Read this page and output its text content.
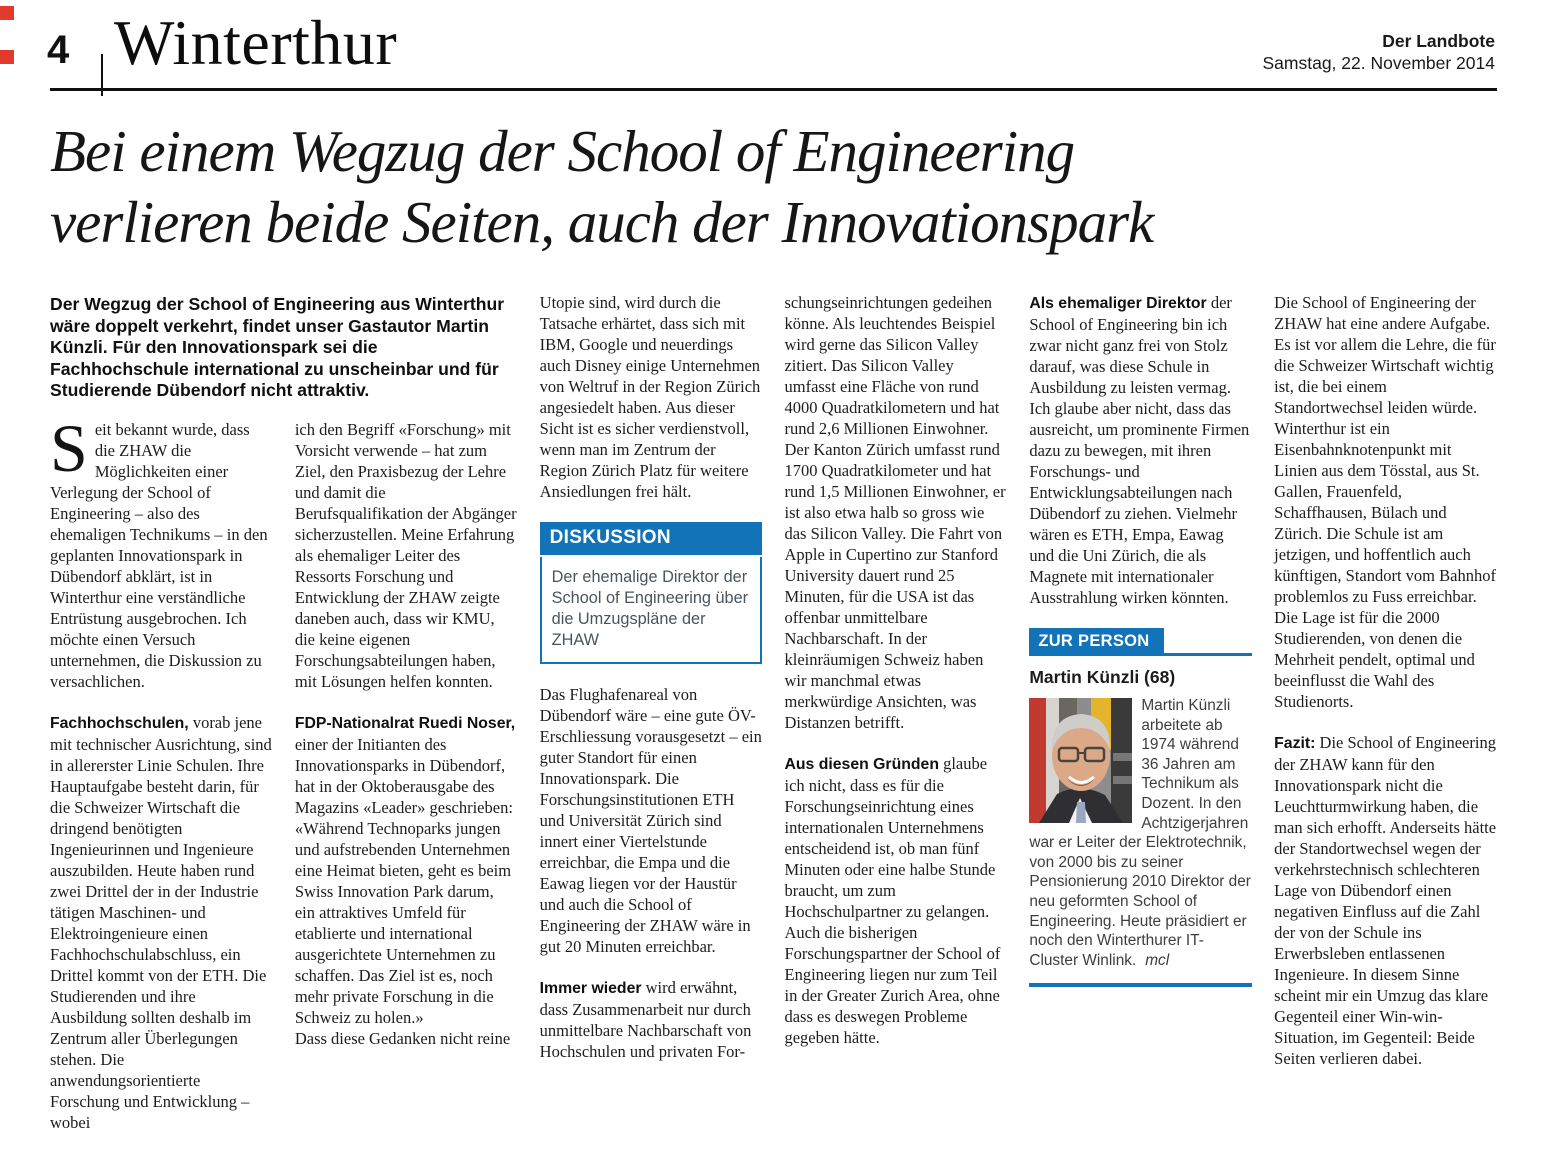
4 Winterthur	Der Landbote
Samstag, 22. November 2014
Bei einem Wegzug der School of Engineering
verlieren beide Seiten, auch der Innovationspark

Der Wegzug der School of Engineering aus Winterthur wäre doppelt verkehrt, findet unser Gastautor Martin Künzli. Für den Innovationspark sei die Fachhochschule international zu unscheinbar und für Studierende Dübendorf nicht attraktiv.

Seit bekannt wurde, dass die ZHAW die Möglichkeiten einer Verlegung der School of Engineering – also des ehemaligen Technikums – in den geplanten Innovationspark in Dübendorf abklärt, ist in Winterthur eine verständliche Entrüstung ausgebrochen. Ich möchte einen Versuch unternehmen, die Diskussion zu versachlichen.

Fachhochschulen, vorab jene mit technischer Ausrichtung, sind in allererster Linie Schulen. Ihre Hauptaufgabe besteht darin, für die Schweizer Wirtschaft die dringend benötigten Ingenieurinnen und Ingenieure auszubilden. Heute haben rund zwei Drittel der in der Industrie tätigen Maschinen- und Elektroingenieure einen Fachhochschulabschluss, ein Drittel kommt von der ETH. Die Studierenden und ihre Ausbildung sollten deshalb im Zentrum aller Überlegungen stehen. Die anwendungsorientierte Forschung und Entwicklung – wobei

ich den Begriff «Forschung» mit Vorsicht verwende – hat zum Ziel, den Praxisbezug der Lehre und damit die Berufsqualifikation der Abgänger sicherzustellen. Meine Erfahrung als ehemaliger Leiter des Ressorts Forschung und Entwicklung der ZHAW zeigte daneben auch, dass wir KMU, die keine eigenen Forschungsabteilungen haben, mit Lösungen helfen konnten.

FDP-Nationalrat Ruedi Noser, einer der Initianten des Innovationsparks in Dübendorf, hat in der Oktoberausgabe des Magazins «Leader» geschrieben: «Während Technoparks jungen und aufstrebenden Unternehmen eine Heimat bieten, geht es beim Swiss Innovation Park darum, ein attraktives Umfeld für etablierte und international ausgerichtete Unternehmen zu schaffen. Das Ziel ist es, noch mehr private Forschung in die Schweiz zu holen.»

Dass diese Gedanken nicht reine

Utopie sind, wird durch die Tatsache erhärtet, dass sich mit IBM, Google und neuerdings auch Disney einige Unternehmen von Weltruf in der Region Zürich angesiedelt haben. Aus dieser Sicht ist es sicher verdienstvoll, wenn man im Zentrum der Region Zürich Platz für weitere Ansiedlungen frei hält.

DISKUSSION
Der ehemalige Direktor der School of Engineering über die Umzugspläne der ZHAW

Das Flughafenareal von Dübendorf wäre – eine gute ÖV-Erschliessung vorausgesetzt – ein guter Standort für einen Innovationspark. Die Forschungsinstitutionen ETH und Universität Zürich sind innert einer Viertelstunde erreichbar, die Empa und die Eawag liegen vor der Haustür und auch die School of Engineering der ZHAW wäre in gut 20 Minuten erreichbar.

Immer wieder wird erwähnt, dass Zusammenarbeit nur durch unmittelbare Nachbarschaft von Hochschulen und privaten For-

schungseinrichtungen gedeihen könne. Als leuchtendes Beispiel wird gerne das Silicon Valley zitiert. Das Silicon Valley umfasst eine Fläche von rund 4000 Quadratkilometern und hat rund 2,6 Millionen Einwohner. Der Kanton Zürich umfasst rund 1700 Quadratkilometer und hat rund 1,5 Millionen Einwohner, er ist also etwa halb so gross wie das Silicon Valley. Die Fahrt von Apple in Cupertino zur Stanford University dauert rund 25 Minuten, für die USA ist das offenbar unmittelbare Nachbarschaft. In der kleinräumigen Schweiz haben wir manchmal etwas merkwürdige Ansichten, was Distanzen betrifft.

Aus diesen Gründen glaube ich nicht, dass es für die Forschungseinrichtung eines internationalen Unternehmens entscheidend ist, ob man fünf Minuten oder eine halbe Stunde braucht, um zum Hochschulpartner zu gelangen. Auch die bisherigen Forschungspartner der School of Engineering liegen nur zum Teil in der Greater Zurich Area, ohne dass es deswegen Probleme gegeben hätte.

Als ehemaliger Direktor der School of Engineering bin ich zwar nicht ganz frei von Stolz darauf, was diese Schule in Ausbildung zu leisten vermag. Ich glaube aber nicht, dass das ausreicht, um prominente Firmen dazu zu bewegen, mit ihren Forschungs- und Entwicklungsabteilungen nach Dübendorf zu ziehen. Vielmehr wären es ETH, Empa, Eawag und die Uni Zürich, die als Magnete mit internationaler Ausstrahlung wirken könnten.

ZUR PERSON
Martin Künzli (68)

Martin Künzli arbeitete ab 1974 während 36 Jahren am Technikum als Dozent. In den Achtzigerjahren war er Leiter der Elektrotechnik, von 2000 bis zu seiner Pensionierung 2010 Direktor der neu geformten School of Engineering. Heute präsidiert er noch den Winterthurer IT-Cluster Winlink. mcl

Die School of Engineering der ZHAW hat eine andere Aufgabe. Es ist vor allem die Lehre, die für die Schweizer Wirtschaft wichtig ist, die bei einem Standortwechsel leiden würde. Winterthur ist ein Eisenbahnknotenpunkt mit Linien aus dem Tösstal, aus St. Gallen, Frauenfeld, Schaffhausen, Bülach und Zürich. Die Schule ist am jetzigen, und hoffentlich auch künftigen, Standort vom Bahnhof problemlos zu Fuss erreichbar. Die Lage ist für die 2000 Studierenden, von denen die Mehrheit pendelt, optimal und beeinflusst die Wahl des Studienorts.

Fazit: Die School of Engineering der ZHAW kann für den Innovationspark nicht die Leuchtturmwirkung haben, die man sich erhofft. Anderseits hätte der Standortwechsel wegen der verkehrstechnisch schlechteren Lage von Dübendorf einen negativen Einfluss auf die Zahl der von der Schule ins Erwerbsleben entlassenen Ingenieure. In diesem Sinne scheint mir ein Umzug das klare Gegenteil einer Win-win-Situation, im Gegenteil: Beide Seiten verlieren dabei.
